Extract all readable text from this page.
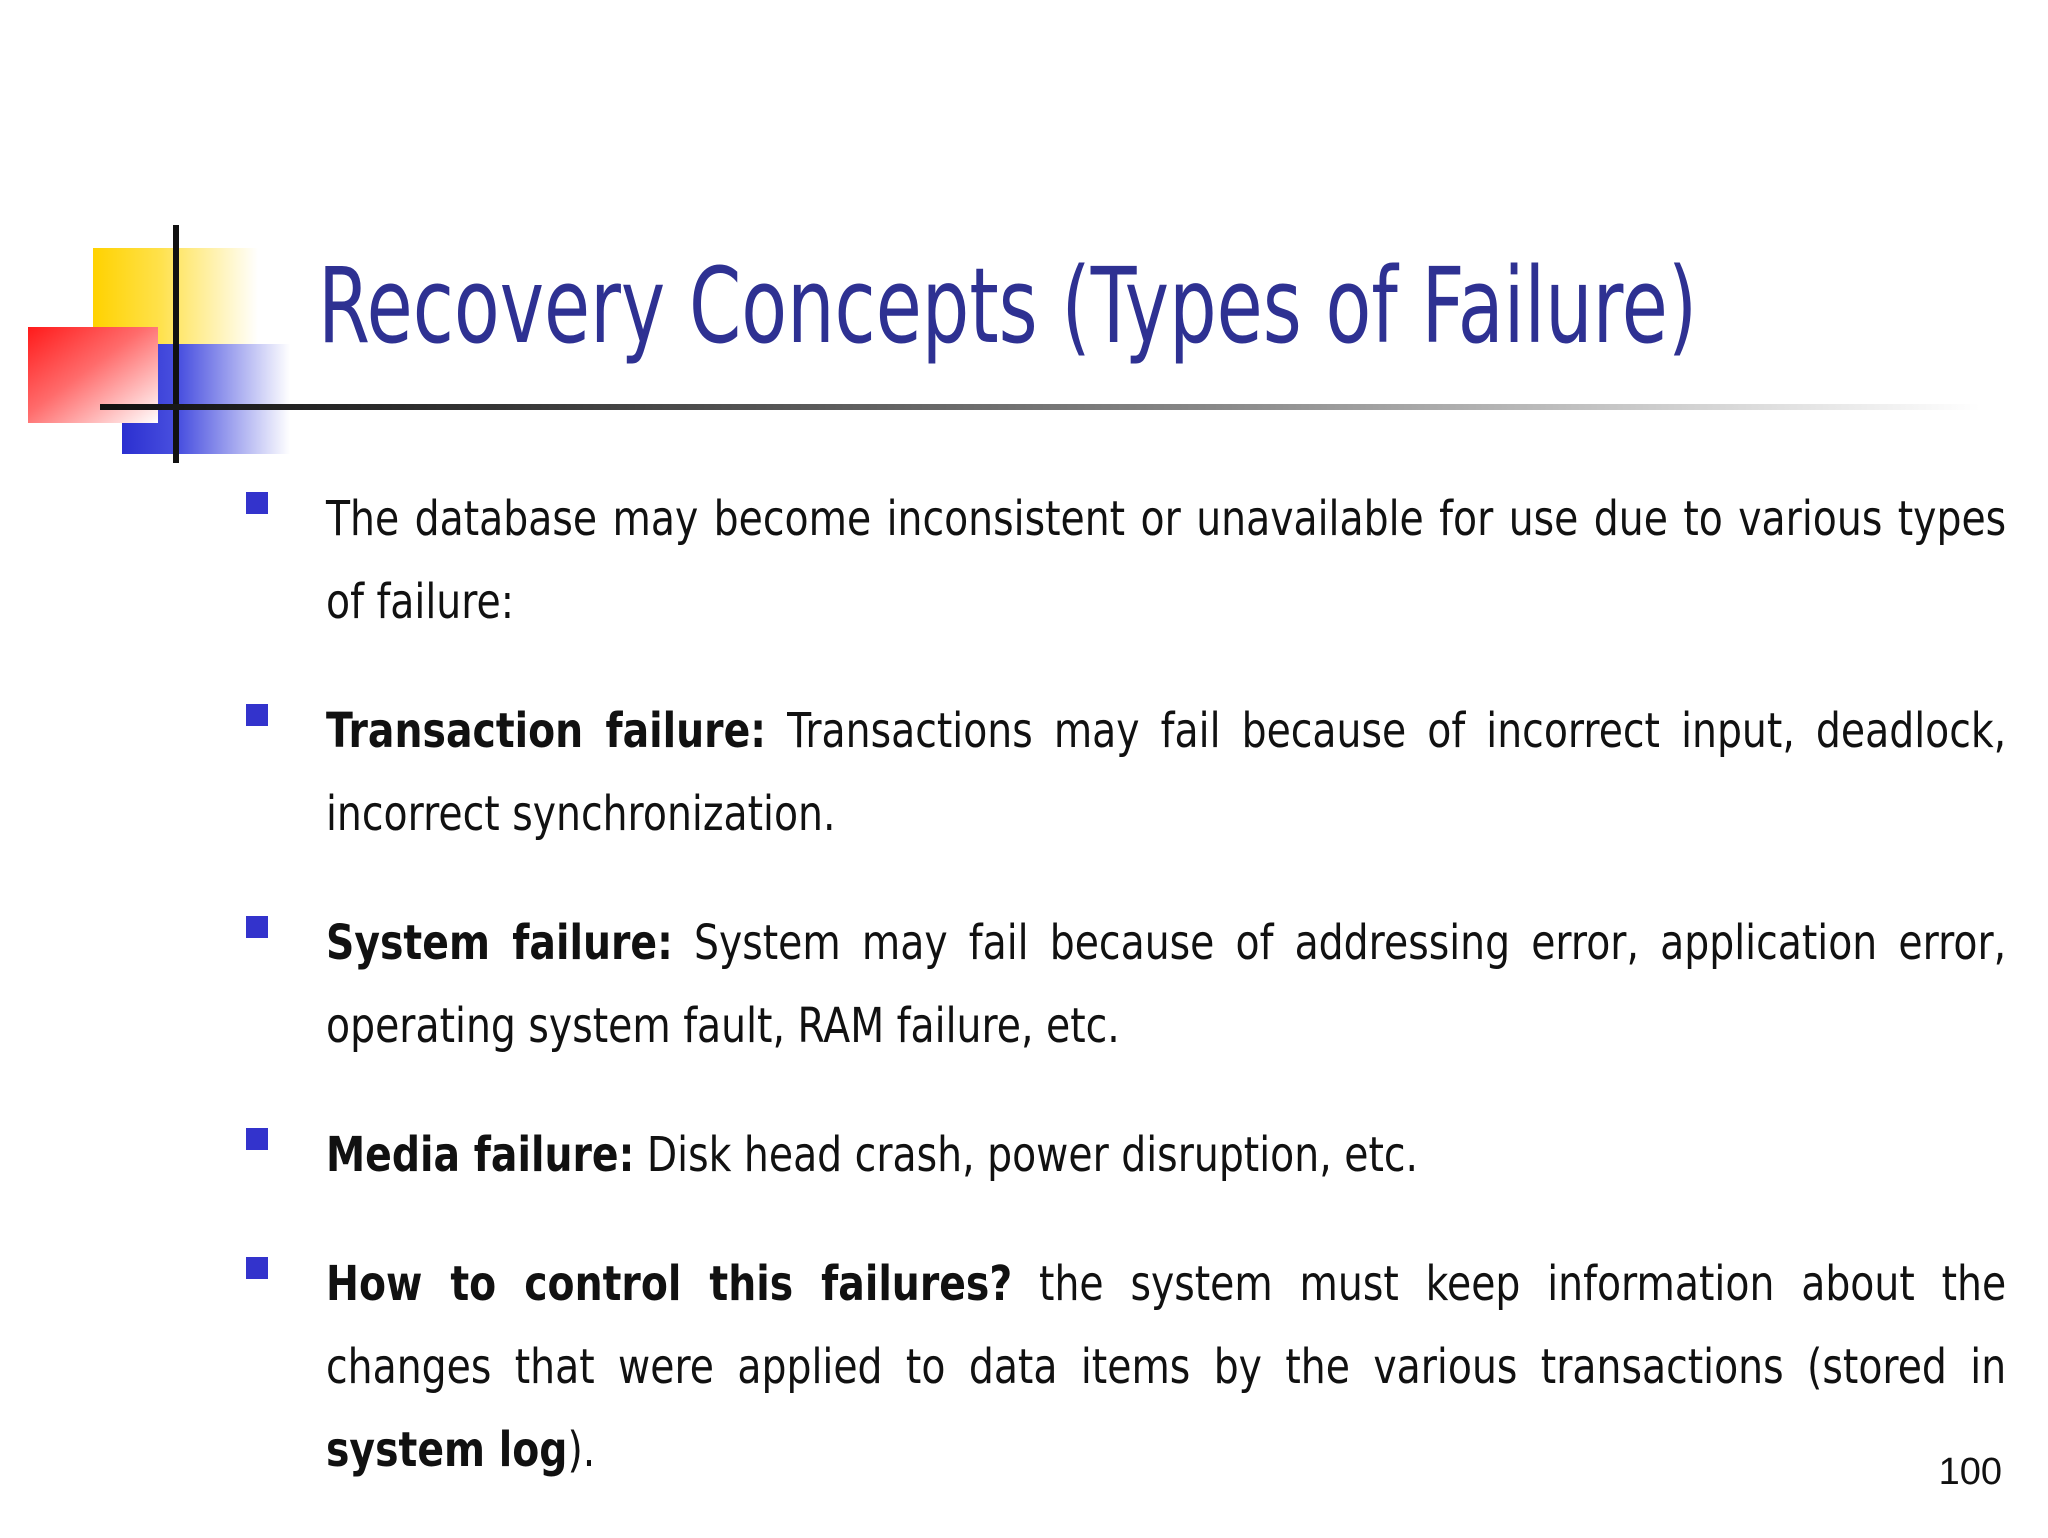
Recovery Concepts (Types of Failure)
The database may become inconsistent or unavailable for use due to various types of failure:
Transaction failure: Transactions may fail because of incorrect input, deadlock, incorrect synchronization.
System failure: System may fail because of addressing error, application error, operating system fault, RAM failure, etc.
Media failure: Disk head crash, power disruption, etc.
How to control this failures? the system must keep information about the changes that were applied to data items by the various transactions (stored in system log).	100
